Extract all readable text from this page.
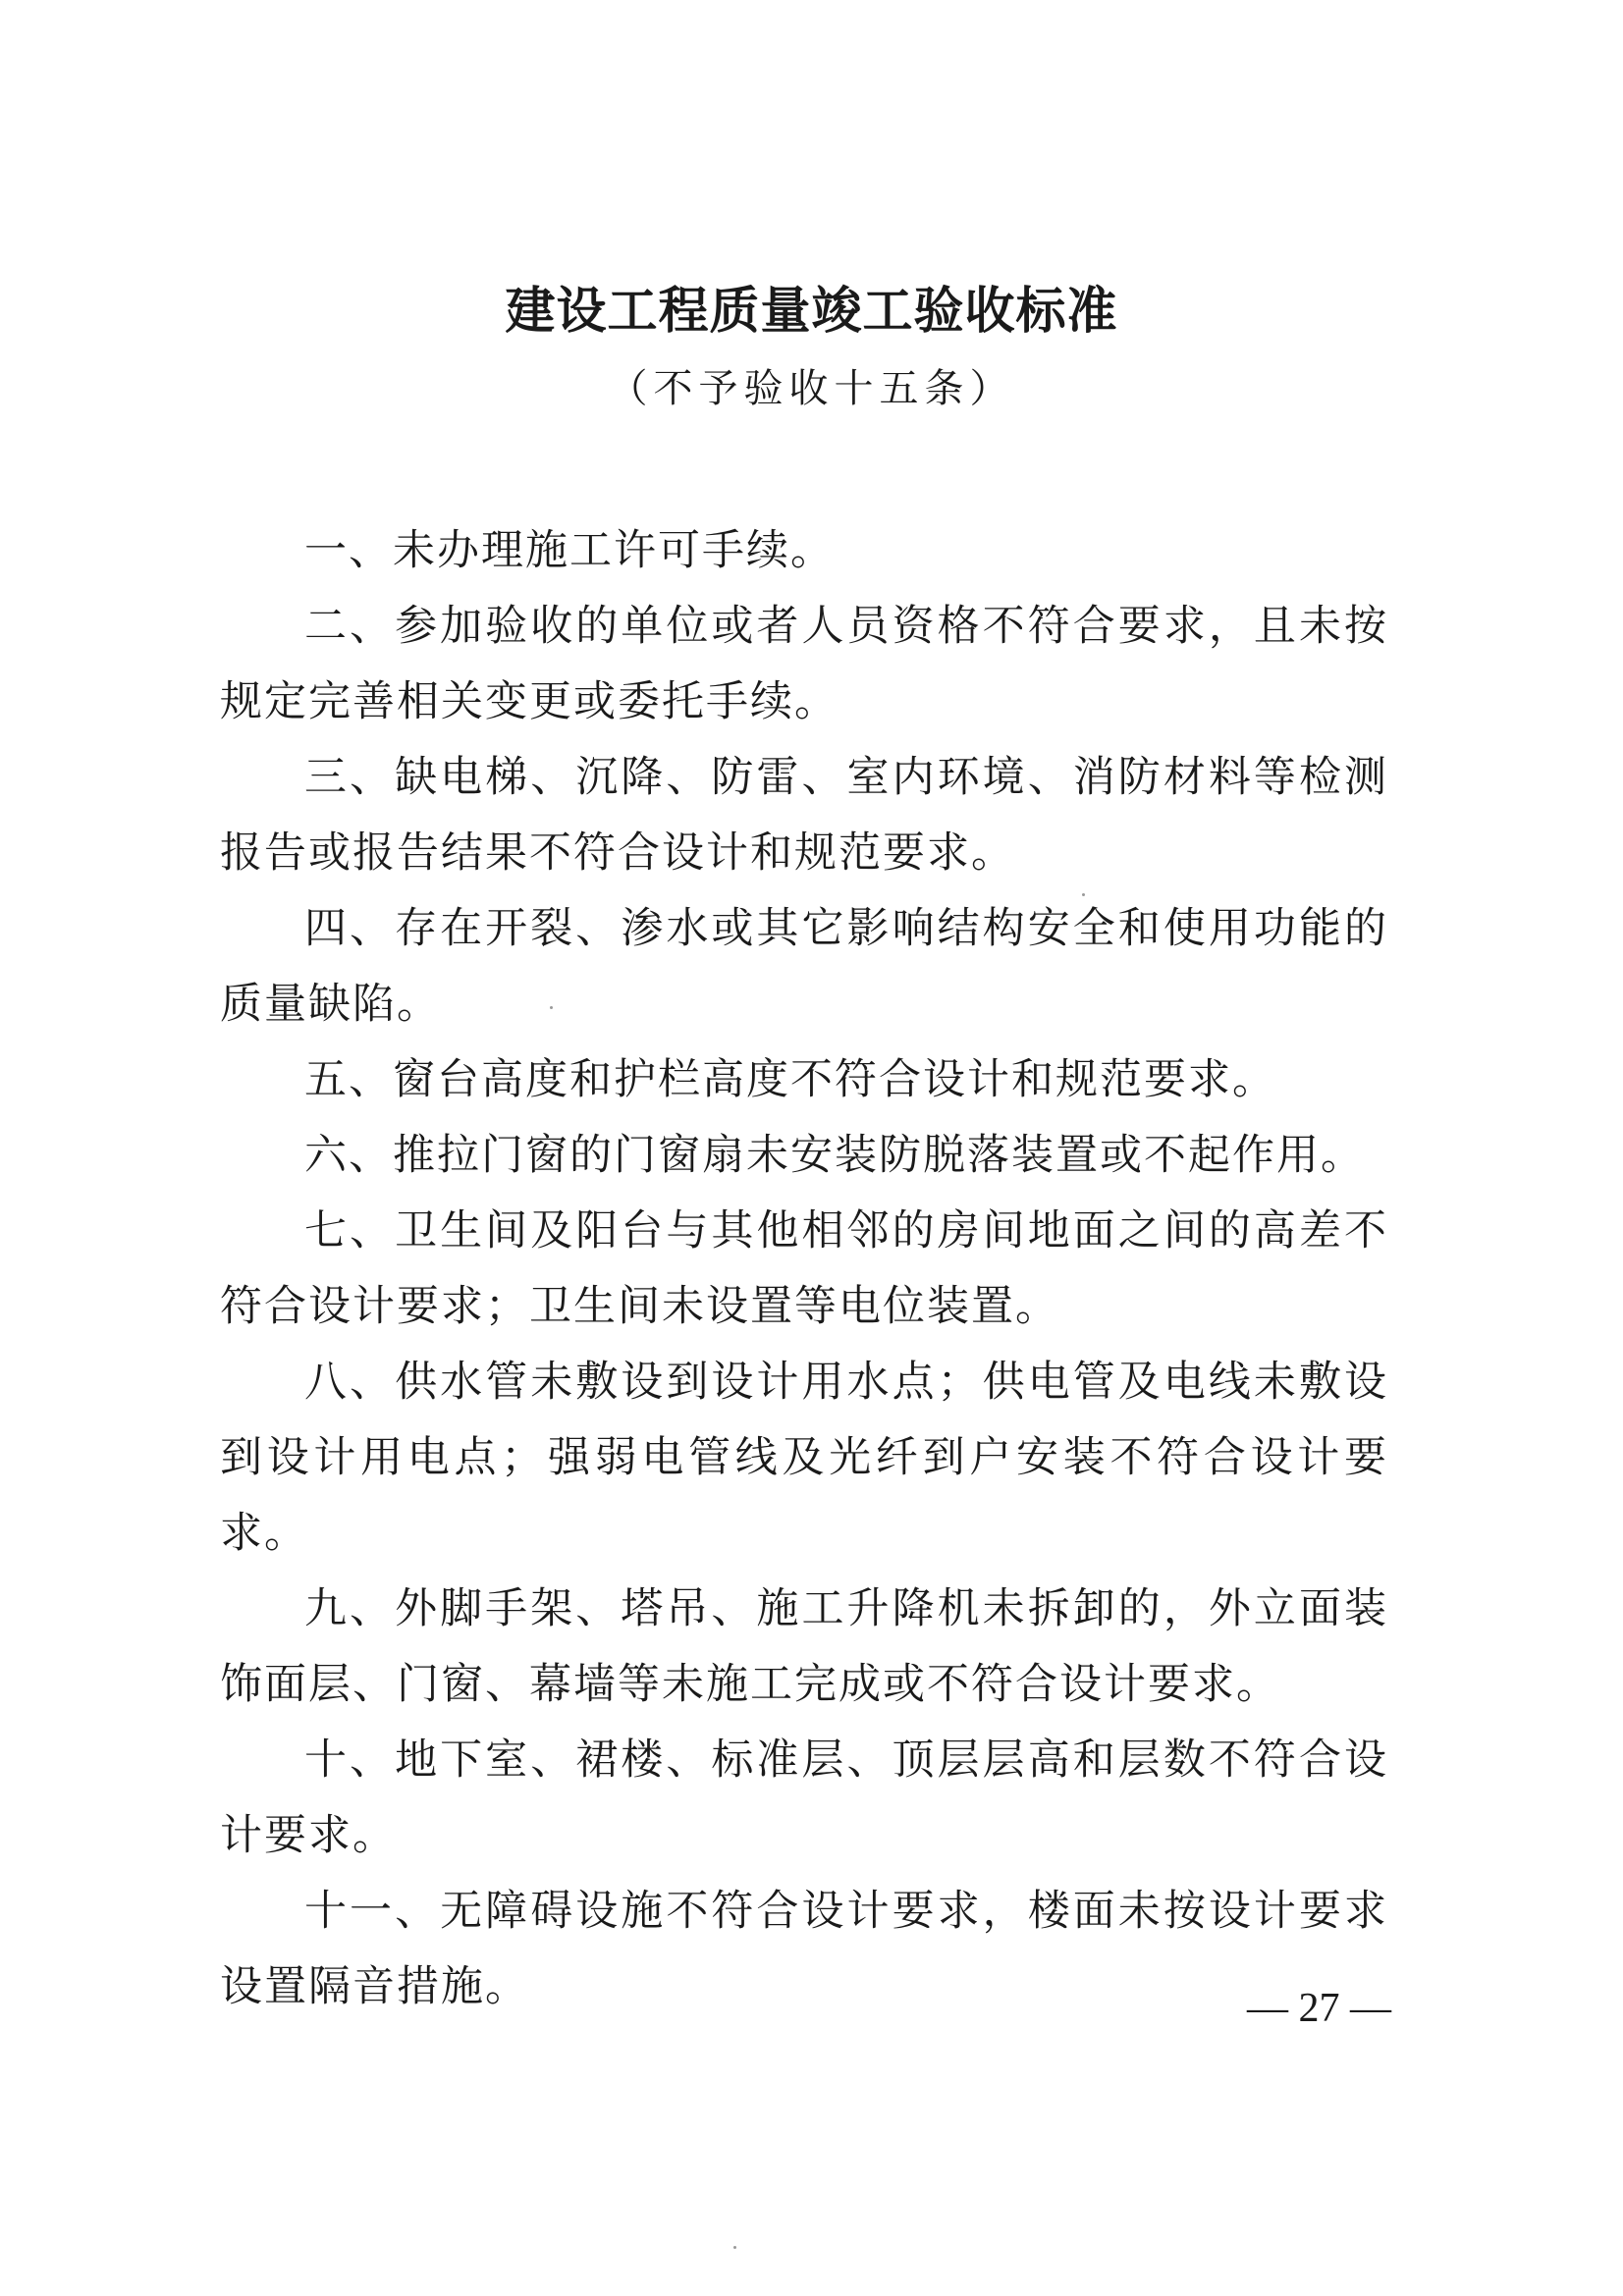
建设工程质量竣工验收标准
（不予验收十五条）

一、未办理施工许可手续。

二、参加验收的单位或者人员资格不符合要求，且未按规定完善相关变更或委托手续。

三、缺电梯、沉降、防雷、室内环境、消防材料等检测报告或报告结果不符合设计和规范要求。

四、存在开裂、渗水或其它影响结构安全和使用功能的质量缺陷。

五、窗台高度和护栏高度不符合设计和规范要求。

六、推拉门窗的门窗扇未安装防脱落装置或不起作用。

七、卫生间及阳台与其他相邻的房间地面之间的高差不符合设计要求；卫生间未设置等电位装置。

八、供水管未敷设到设计用水点；供电管及电线未敷设到设计用电点；强弱电管线及光纤到户安装不符合设计要求。

九、外脚手架、塔吊、施工升降机未拆卸的，外立面装饰面层、门窗、幕墙等未施工完成或不符合设计要求。

十、地下室、裙楼、标准层、顶层层高和层数不符合设计要求。

十一、无障碍设施不符合设计要求，楼面未按设计要求设置隔音措施。	— 27 —
